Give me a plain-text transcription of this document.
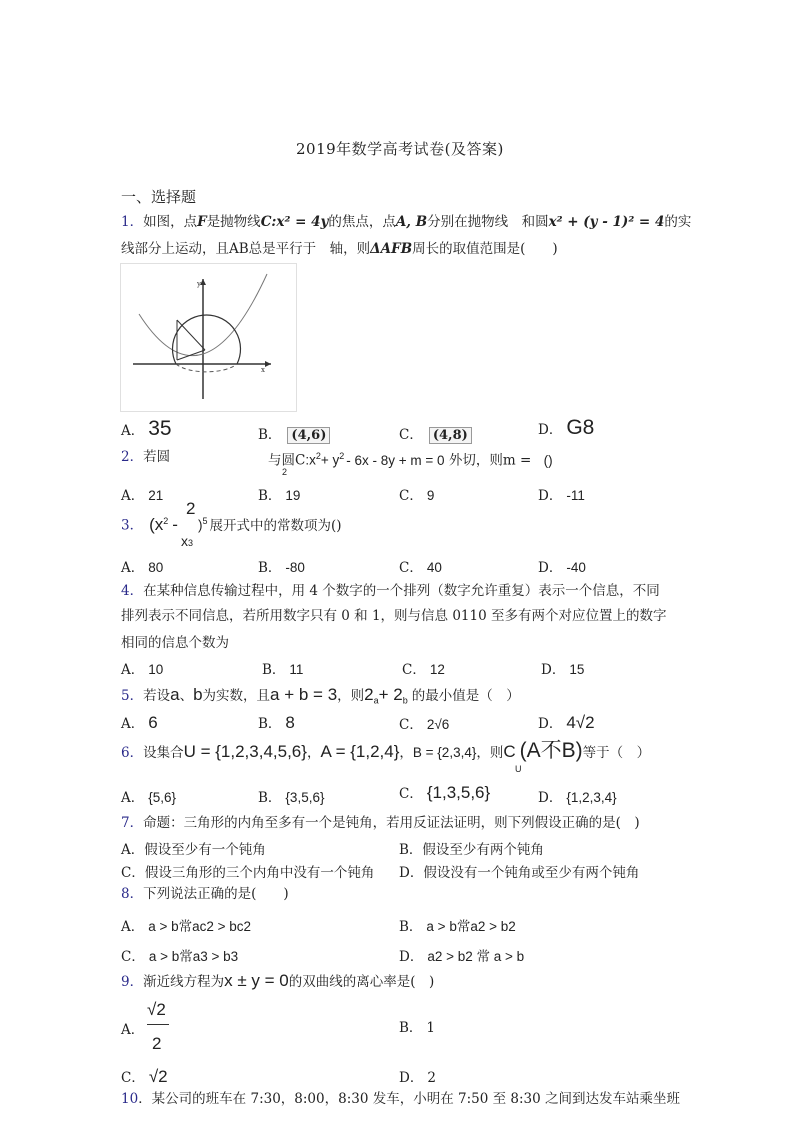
2019年数学高考试卷(及答案)
一、选择题
1．如图，点F是抛物线C:x² = 4y的焦点，点A, B分别在抛物线　和圆x² + (y - 1)² = 4的实
线部分上运动，且AB总是平行于　轴，则ΔAFB周长的取值范围是(　　)
y
x
A． 35	B． (4,6)	C． (4,8)	D． G8
2．若圆	与圆$C:x^2+ y^2 - 6x - 8y + m = 0$ 外切，则m = ()
2
A． 21	B． 19	C． 9	D． -11
3． $(x^2 - )^5$ 展开式中的常数项为()
2
x3
A． 80	B． -80	C． 40	D． -40
4．在某种信息传输过程中，用 4 个数字的一个排列（数字允许重复）表示一个信息，不同
排列表示不同信息，若所用数字只有 0 和 1，则与信息 0110 至多有两个对应位置上的数字
相同的信息个数为
A． 10	B． 11	C． 12	D． 15
5．若设a、b为实数，且a + b = 3，则$2_a+ 2_b$ 的最小值是（　）
A． 6	B． 8	C． 2√6	D． 4√2
6．设集合U = {1,2,3,4,5,6}，A = {1,2,4}，B = {2,3,4}，则C (A不B)等于（　）
U
A． {5,6}	B． {3,5,6}	C． {1,3,5,6}	D． {1,2,3,4}
7．命题：三角形的内角至多有一个是钝角，若用反证法证明，则下列假设正确的是(　)
A．假设至少有一个钝角	B．假设至少有两个钝角
C．假设三角形的三个内角中没有一个钝角 D．假设没有一个钝角或至少有两个钝角
8．下列说法正确的是(　　)
A． a > b常ac2 > bc2	B． a > b常a2 > b2
C． a > b常a3 > b3	D． a2 > b2 常 a > b
9．渐近线方程为x ± y = 0的双曲线的离心率是(　)
A．
√2
2
B． 1
C． √2	D． 2
10．某公司的班车在 7:30，8:00，8:30 发车，小明在 7:50 至 8:30 之间到达发车站乘坐班
